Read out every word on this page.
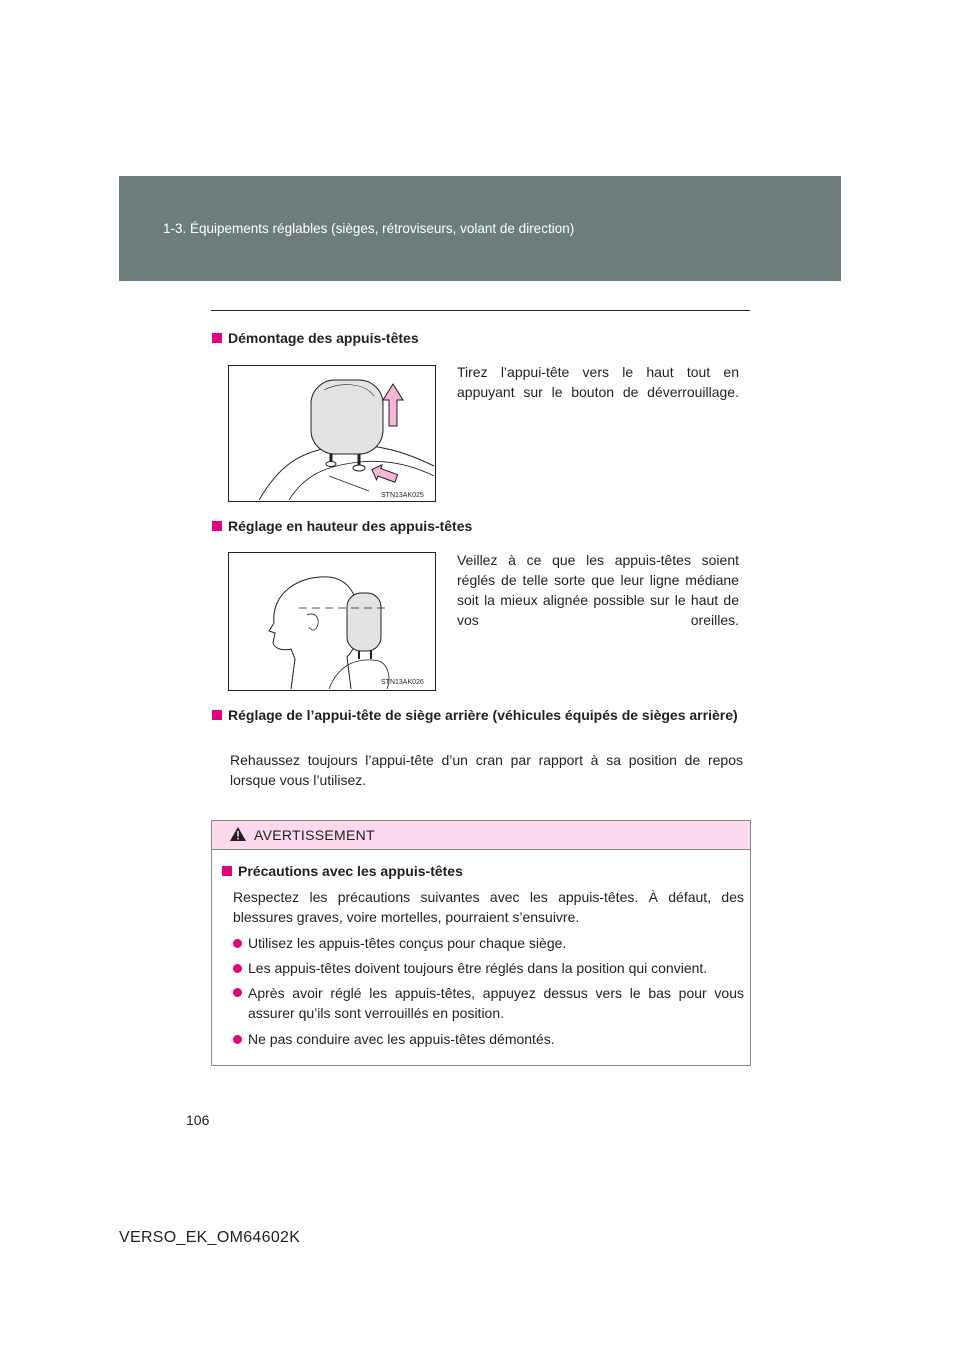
1-3. Équipements réglables (sièges, rétroviseurs, volant de direction)
Démontage des appuis-têtes
STN13AK025
Tirez l’appui-tête vers le haut tout en appuyant sur le bouton de déverrouillage.
Réglage en hauteur des appuis-têtes
STN13AK026
Veillez à ce que les appuis-têtes soient réglés de telle sorte que leur ligne médiane soit la mieux alignée possible sur le haut de vos oreilles.
Réglage de l’appui-tête de siège arrière (véhicules équipés de sièges arrière)
Rehaussez toujours l’appui-tête d’un cran par rapport à sa position de repos lorsque vous l’utilisez.
AVERTISSEMENT
Précautions avec les appuis-têtes
Respectez les précautions suivantes avec les appuis-têtes. À défaut, des blessures graves, voire mortelles, pourraient s’ensuivre.
Utilisez les appuis-têtes conçus pour chaque siège.
Les appuis-têtes doivent toujours être réglés dans la position qui convient.
Après avoir réglé les appuis-têtes, appuyez dessus vers le bas pour vous assurer qu’ils sont verrouillés en position.
Ne pas conduire avec les appuis-têtes démontés.
106
VERSO_EK_OM64602K
